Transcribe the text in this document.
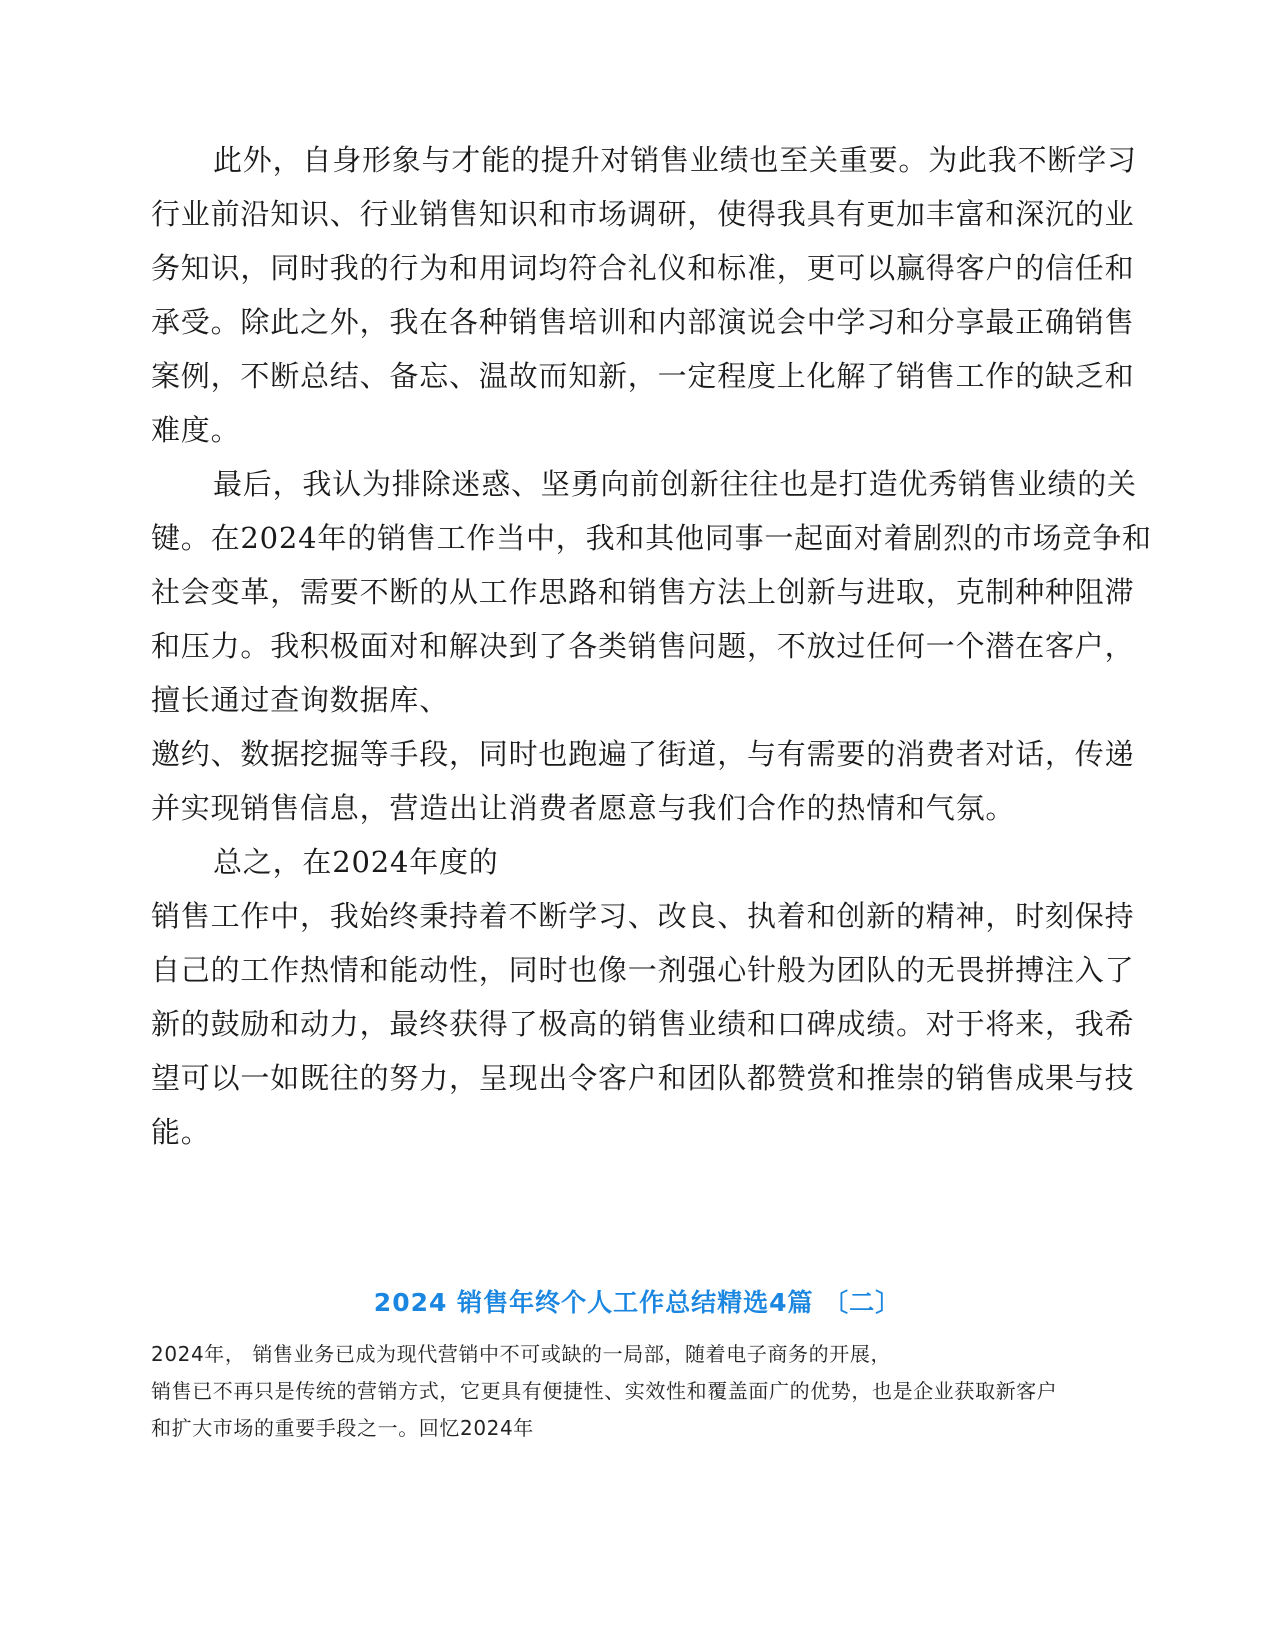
此外，自身形象与才能的提升对销售业绩也至关重要。为此我不断学习
行业前沿知识、行业销售知识和市场调研，使得我具有更加丰富和深沉的业
务知识，同时我的行为和用词均符合礼仪和标准，更可以赢得客户的信任和
承受。除此之外，我在各种销售培训和内部演说会中学习和分享最正确销售
案例，不断总结、备忘、温故而知新，一定程度上化解了销售工作的缺乏和
难度。
最后，我认为排除迷惑、坚勇向前创新往往也是打造优秀销售业绩的关
键。在2024年的销售工作当中，我和其他同事一起面对着剧烈的市场竞争和
社会变革，需要不断的从工作思路和销售方法上创新与进取，克制种种阻滞
和压力。我积极面对和解决到了各类销售问题，不放过任何一个潜在客户，
擅长通过查询数据库、
邀约、数据挖掘等手段，同时也跑遍了街道，与有需要的消费者对话，传递
并实现销售信息，营造出让消费者愿意与我们合作的热情和气氛。
总之，在2024年度的
销售工作中，我始终秉持着不断学习、改良、执着和创新的精神，时刻保持
自己的工作热情和能动性，同时也像一剂强心针般为团队的无畏拼搏注入了
新的鼓励和动力，最终获得了极高的销售业绩和口碑成绩。对于将来，我希
望可以一如既往的努力，呈现出令客户和团队都赞赏和推崇的销售成果与技
能。
2024 销售年终个人工作总结精选4篇 〔二〕
2024年， 销售业务已成为现代营销中不可或缺的一局部，随着电子商务的开展，
销售已不再只是传统的营销方式，它更具有便捷性、实效性和覆盖面广的优势，也是企业获取新客户
和扩大市场的重要手段之一。回忆2024年
